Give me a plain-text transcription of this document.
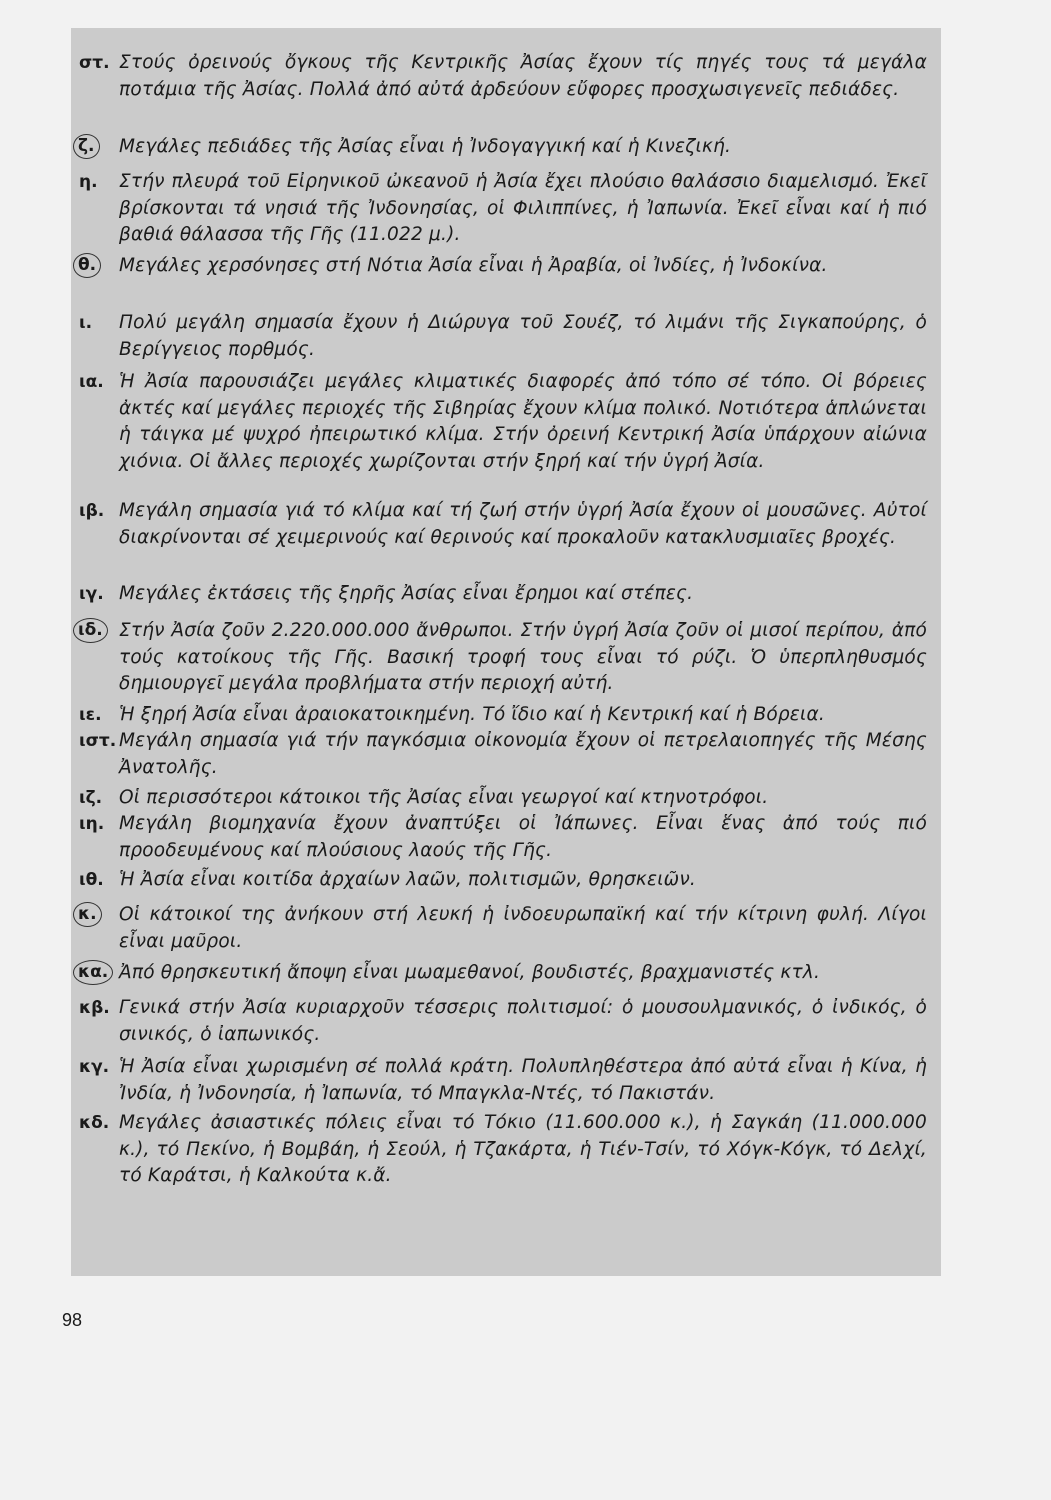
στ. Στούς ὀρεινούς ὄγκους τῆς Κεντρικῆς Ἀσίας ἔχουν τίς πηγές τους τά μεγάλα ποτάμια τῆς Ἀσίας. Πολλά ἀπό αὐτά ἀρδεύουν εὔφορες προσχωσιγενεῖς πεδιάδες.
ζ. Μεγάλες πεδιάδες τῆς Ἀσίας εἶναι ἡ Ἰνδογαγγική καί ἡ Κινεζική.
η.	Στήν πλευρά τοῦ Εἰρηνικοῦ ὠκεανοῦ ἡ Ἀσία ἔχει πλούσιο θαλάσσιο διαμελισμό. Ἐκεῖ βρίσκονται τά νησιά τῆς Ἰνδονησίας, οἱ Φιλιππίνες, ἡ Ἰαπωνία. Ἐκεῖ εἶναι καί ἡ πιό βαθιά θάλασσα τῆς Γῆς (11.022 μ.).
θ. Μεγάλες χερσόνησες στή Νότια Ἀσία εἶναι ἡ Ἀραβία, οἱ Ἰνδίες, ἡ Ἰνδοκίνα.
ι.	Πολύ μεγάλη σημασία ἔχουν ἡ Διώρυγα τοῦ Σουέζ, τό λιμάνι τῆς Σιγκαπούρης, ὁ Βερίγγειος πορθμός.
ια. Ἡ Ἀσία παρουσιάζει μεγάλες κλιματικές διαφορές ἀπό τόπο σέ τόπο. Οἱ βόρειες ἀκτές καί μεγάλες περιοχές τῆς Σιβηρίας ἔχουν κλίμα πολικό. Νοτιότερα ἁπλώνεται ἡ τάιγκα μέ ψυχρό ἠπειρωτικό κλίμα. Στήν ὀρεινή Κεντρική Ἀσία ὑπάρχουν αἰώνια χιόνια. Οἱ ἄλλες περιοχές χωρίζονται στήν ξηρή καί τήν ὑγρή Ἀσία.
ιβ. Μεγάλη σημασία γιά τό κλίμα καί τή ζωή στήν ὑγρή Ἀσία ἔχουν οἱ μουσῶνες. Αὐτοί διακρίνονται σέ χειμερινούς καί θερινούς καί προκαλοῦν κατακλυσμιαῖες βροχές.
ιγ. Μεγάλες ἐκτάσεις τῆς ξηρῆς Ἀσίας εἶναι ἔρημοι καί στέπες.
ιδ. Στήν Ἀσία ζοῦν 2.220.000.000 ἄνθρωποι. Στήν ὑγρή Ἀσία ζοῦν οἱ μισοί περίπου, ἀπό τούς κατοίκους τῆς Γῆς. Βασική τροφή τους εἶναι τό ρύζι. Ὁ ὑπερπληθυσμός δημιουργεῖ μεγάλα προβλήματα στήν περιοχή αὐτή.
ιε. Ἡ ξηρή Ἀσία εἶναι ἀραιοκατοικημένη. Τό ἴδιο καί ἡ Κεντρική καί ἡ Βόρεια.
ιστ. Μεγάλη σημασία γιά τήν παγκόσμια οἰκονομία ἔχουν οἱ πετρελαιοπηγές τῆς Μέσης Ἀνατολῆς.
ιζ. Οἱ περισσότεροι κάτοικοι τῆς Ἀσίας εἶναι γεωργοί καί κτηνοτρόφοι.
ιη. Μεγάλη βιομηχανία ἔχουν ἀναπτύξει οἱ Ἰάπωνες. Εἶναι ἕνας ἀπό τούς πιό προοδευμένους καί πλούσιους λαούς τῆς Γῆς.
ιθ. Ἡ Ἀσία εἶναι κοιτίδα ἀρχαίων λαῶν, πολιτισμῶν, θρησκειῶν.
κ. Οἱ κάτοικοί της ἀνήκουν στή λευκή ἡ ἰνδοευρωπαϊκή καί τήν κίτρινη φυλή. Λίγοι εἶναι μαῦροι.
κα. Ἀπό θρησκευτική ἄποψη εἶναι μωαμεθανοί, βουδιστές, βραχμανιστές κτλ.
κβ. Γενικά στήν Ἀσία κυριαρχοῦν τέσσερις πολιτισμοί: ὁ μουσουλμανικός, ὁ ἰνδικός, ὁ σινικός, ὁ ἰαπωνικός.
κγ. Ἡ Ἀσία εἶναι χωρισμένη σέ πολλά κράτη. Πολυπληθέστερα ἀπό αὐτά εἶναι ἡ Κίνα, ἡ Ἰνδία, ἡ Ἰνδονησία, ἡ Ἰαπωνία, τό Μπαγκλα-Ντές, τό Πακιστάν.
κδ. Μεγάλες ἀσιαστικές πόλεις εἶναι τό Τόκιο (11.600.000 κ.), ἡ Σαγκάη (11.000.000 κ.), τό Πεκίνο, ἡ Βομβάη, ἡ Σεούλ, ἡ Τζακάρτα, ἡ Τιέν-Τσίν, τό Χόγκ-Κόγκ, τό Δελχί, τό Καράτσι, ἡ Καλκούτα κ.ἄ.
98
